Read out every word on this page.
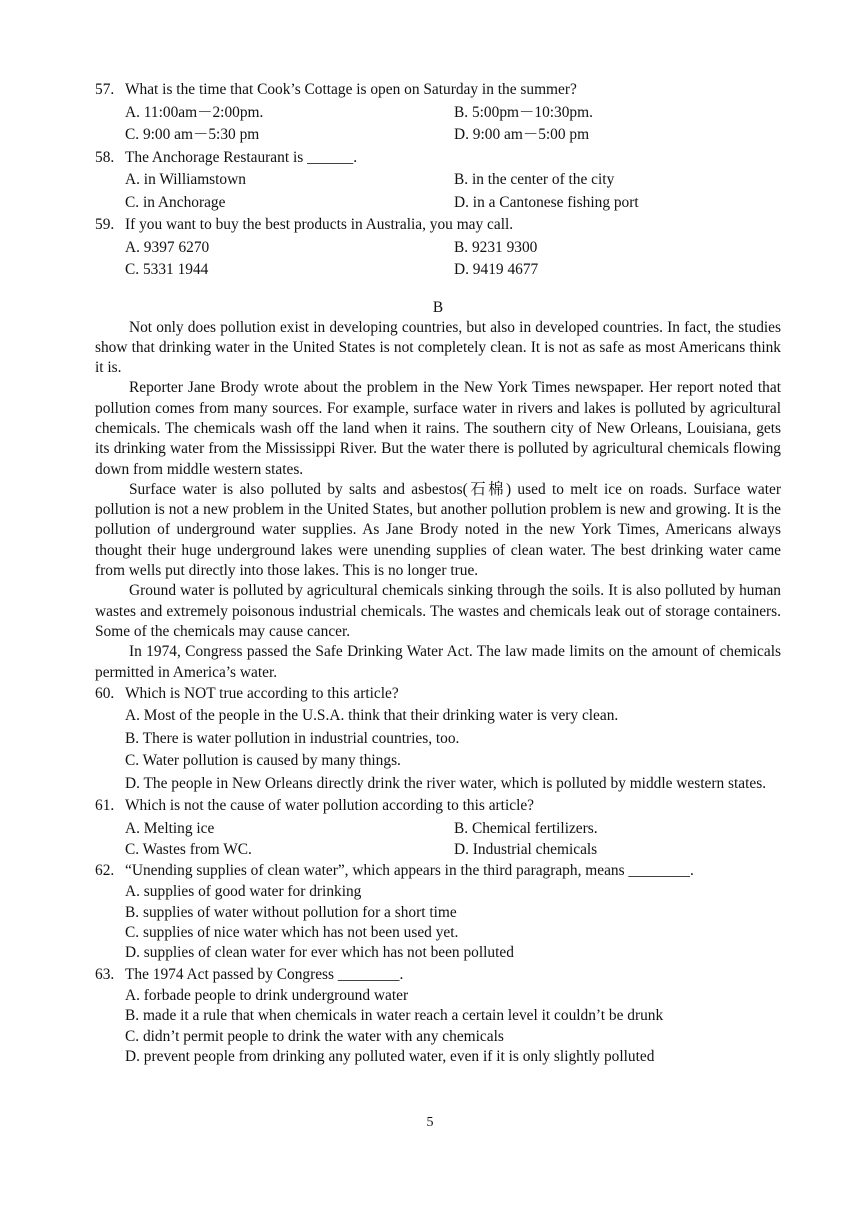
57. What is the time that Cook’s Cottage is open on Saturday in the summer?
A. 11:00am－2:00pm.	B. 5:00pm－10:30pm.
C. 9:00 am－5:30 pm	D. 9:00 am－5:00 pm
58. The Anchorage Restaurant is ______.
A. in Williamstown	B. in the center of the city
C. in Anchorage	D. in a Cantonese fishing port
59. If you want to buy the best products in Australia, you may call.
A. 9397 6270	B. 9231 9300
C. 5331 1944	D. 9419 4677
B

Not only does pollution exist in developing countries, but also in developed countries. In fact, the studies show that drinking water in the United States is not completely clean. It is not as safe as most Americans think it is.

Reporter Jane Brody wrote about the problem in the New York Times newspaper. Her report noted that pollution comes from many sources. For example, surface water in rivers and lakes is polluted by agricultural chemicals. The chemicals wash off the land when it rains. The southern city of New Orleans, Louisiana, gets its drinking water from the Mississippi River. But the water there is polluted by agricultural chemicals flowing down from middle western states.

Surface water is also polluted by salts and asbestos(石棉) used to melt ice on roads. Surface water pollution is not a new problem in the United States, but another pollution problem is new and growing. It is the pollution of underground water supplies. As Jane Brody noted in the new York Times, Americans always thought their huge underground lakes were unending supplies of clean water. The best drinking water came from wells put directly into those lakes. This is no longer true.

Ground water is polluted by agricultural chemicals sinking through the soils. It is also polluted by human wastes and extremely poisonous industrial chemicals. The wastes and chemicals leak out of storage containers. Some of the chemicals may cause cancer.

In 1974, Congress passed the Safe Drinking Water Act. The law made limits on the amount of chemicals permitted in America’s water.

60. Which is NOT true according to this article?
A. Most of the people in the U.S.A. think that their drinking water is very clean.
B. There is water pollution in industrial countries, too.
C. Water pollution is caused by many things.
D. The people in New Orleans directly drink the river water, which is polluted by middle western states.
61. Which is not the cause of water pollution according to this article?
A. Melting ice	B. Chemical fertilizers.
C. Wastes from WC.	D. Industrial chemicals
62. “Unending supplies of clean water”, which appears in the third paragraph, means ________.
A. supplies of good water for drinking
B. supplies of water without pollution for a short time
C. supplies of nice water which has not been used yet.
D. supplies of clean water for ever which has not been polluted
63. The 1974 Act passed by Congress ________.
A. forbade people to drink underground water
B. made it a rule that when chemicals in water reach a certain level it couldn’t be drunk
C. didn’t permit people to drink the water with any chemicals
D. prevent people from drinking any polluted water, even if it is only slightly polluted
5
